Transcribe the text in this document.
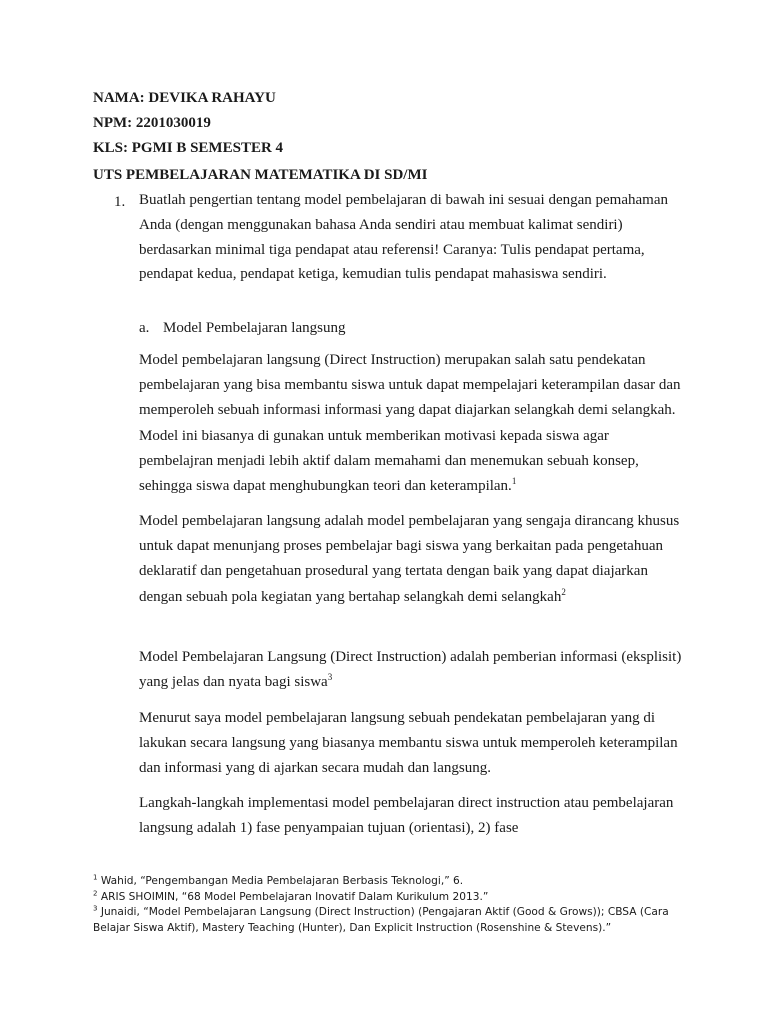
NAMA: DEVIKA RAHAYU
NPM: 2201030019
KLS: PGMI B SEMESTER 4
UTS PEMBELAJARAN MATEMATIKA DI SD/MI
1. Buatlah pengertian tentang model pembelajaran di bawah ini sesuai dengan pemahaman Anda (dengan menggunakan bahasa Anda sendiri atau membuat kalimat sendiri) berdasarkan minimal tiga pendapat atau referensi! Caranya: Tulis pendapat pertama, pendapat kedua, pendapat ketiga, kemudian tulis pendapat mahasiswa sendiri.

a. Model Pembelajaran langsung

Model pembelajaran langsung (Direct Instruction) merupakan salah satu pendekatan pembelajaran yang bisa membantu siswa untuk dapat mempelajari keterampilan dasar dan memperoleh sebuah informasi informasi yang dapat diajarkan selangkah demi selangkah. Model ini biasanya di gunakan untuk memberikan motivasi kepada siswa agar pembelajran menjadi lebih aktif dalam memahami dan menemukan sebuah konsep, sehingga siswa dapat menghubungkan teori dan keterampilan.$^1$

Model pembelajaran langsung adalah model pembelajaran yang sengaja dirancang khusus untuk dapat menunjang proses pembelajar bagi siswa yang berkaitan pada pengetahuan deklaratif dan pengetahuan prosedural yang tertata dengan baik yang dapat diajarkan dengan sebuah pola kegiatan yang bertahap selangkah demi selangkah$^2$

Model Pembelajaran Langsung (Direct Instruction) adalah pemberian informasi (eksplisit) yang jelas dan nyata bagi siswa$^3$

Menurut saya model pembelajaran langsung sebuah pendekatan pembelajaran yang di lakukan secara langsung yang biasanya membantu siswa untuk memperoleh keterampilan dan informasi yang di ajarkan secara mudah dan langsung.

Langkah-langkah implementasi model pembelajaran direct instruction atau pembelajaran langsung adalah 1) fase penyampaian tujuan (orientasi), 2) fase

$^1$ Wahid, “Pengembangan Media Pembelajaran Berbasis Teknologi,” 6.

$^2$ ARIS SHOIMIN, “68 Model Pembelajaran Inovatif Dalam Kurikulum 2013.”

$^3$ Junaidi, “Model Pembelajaran Langsung (Direct Instruction) (Pengajaran Aktif (Good & Grows)); CBSA (Cara Belajar Siswa Aktif), Mastery Teaching (Hunter), Dan Explicit Instruction (Rosenshine & Stevens).”
